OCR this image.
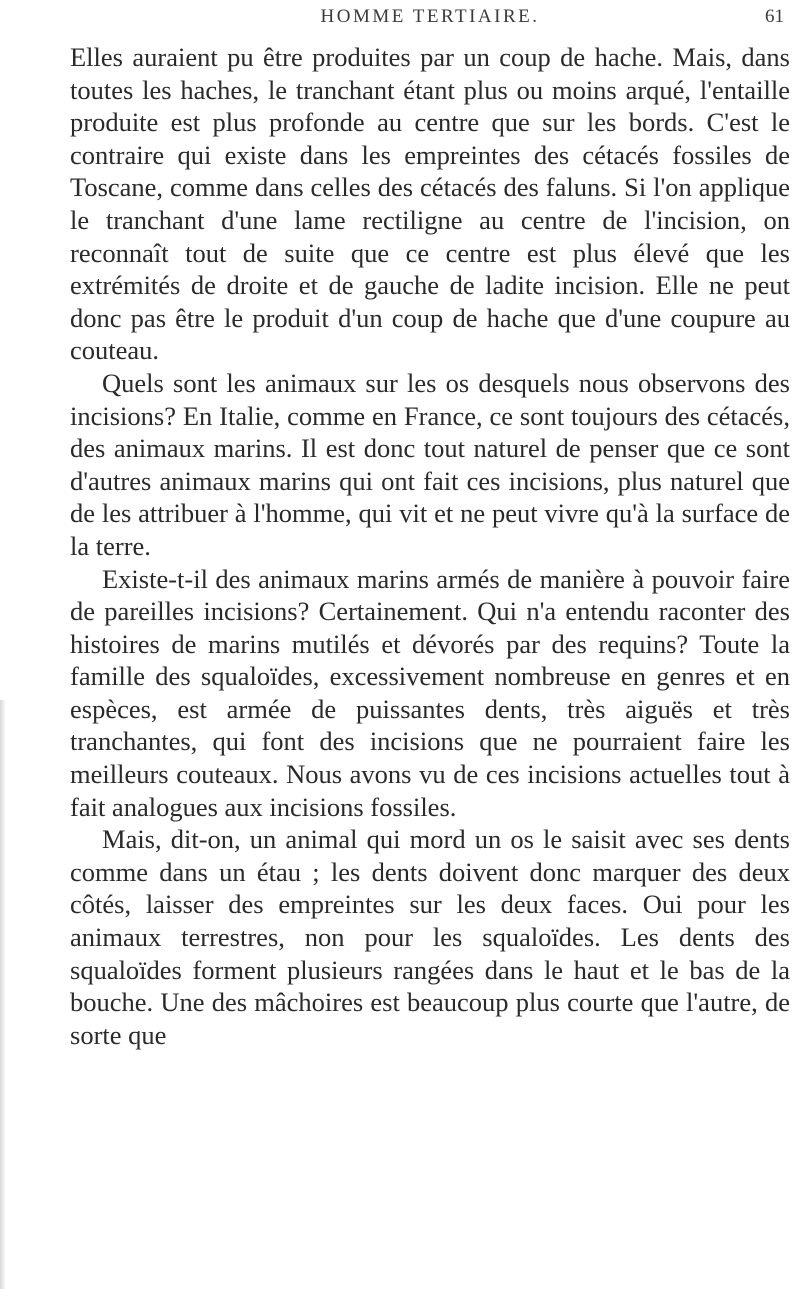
HOMME TERTIAIRE.	61

Elles auraient pu être produites par un coup de hache. Mais, dans toutes les haches, le tranchant étant plus ou moins arqué, l'entaille produite est plus profonde au centre que sur les bords. C'est le contraire qui existe dans les empreintes des cétacés fossiles de Toscane, comme dans celles des cétacés des faluns. Si l'on applique le tranchant d'une lame rectiligne au centre de l'incision, on reconnaît tout de suite que ce centre est plus élevé que les extrémités de droite et de gauche de ladite incision. Elle ne peut donc pas être le produit d'un coup de hache que d'une coupure au couteau.

Quels sont les animaux sur les os desquels nous observons des incisions? En Italie, comme en France, ce sont toujours des cétacés, des animaux marins. Il est donc tout naturel de penser que ce sont d'autres animaux marins qui ont fait ces incisions, plus naturel que de les attribuer à l'homme, qui vit et ne peut vivre qu'à la surface de la terre.

Existe-t-il des animaux marins armés de manière à pouvoir faire de pareilles incisions? Certainement. Qui n'a entendu raconter des histoires de marins mutilés et dévorés par des requins? Toute la famille des squaloïdes, excessivement nombreuse en genres et en espèces, est armée de puissantes dents, très aiguës et très tranchantes, qui font des incisions que ne pourraient faire les meilleurs couteaux. Nous avons vu de ces incisions actuelles tout à fait analogues aux incisions fossiles.

Mais, dit-on, un animal qui mord un os le saisit avec ses dents comme dans un étau ; les dents doivent donc marquer des deux côtés, laisser des empreintes sur les deux faces. Oui pour les animaux terrestres, non pour les squaloïdes. Les dents des squaloïdes forment plusieurs rangées dans le haut et le bas de la bouche. Une des mâchoires est beaucoup plus courte que l'autre, de sorte que
